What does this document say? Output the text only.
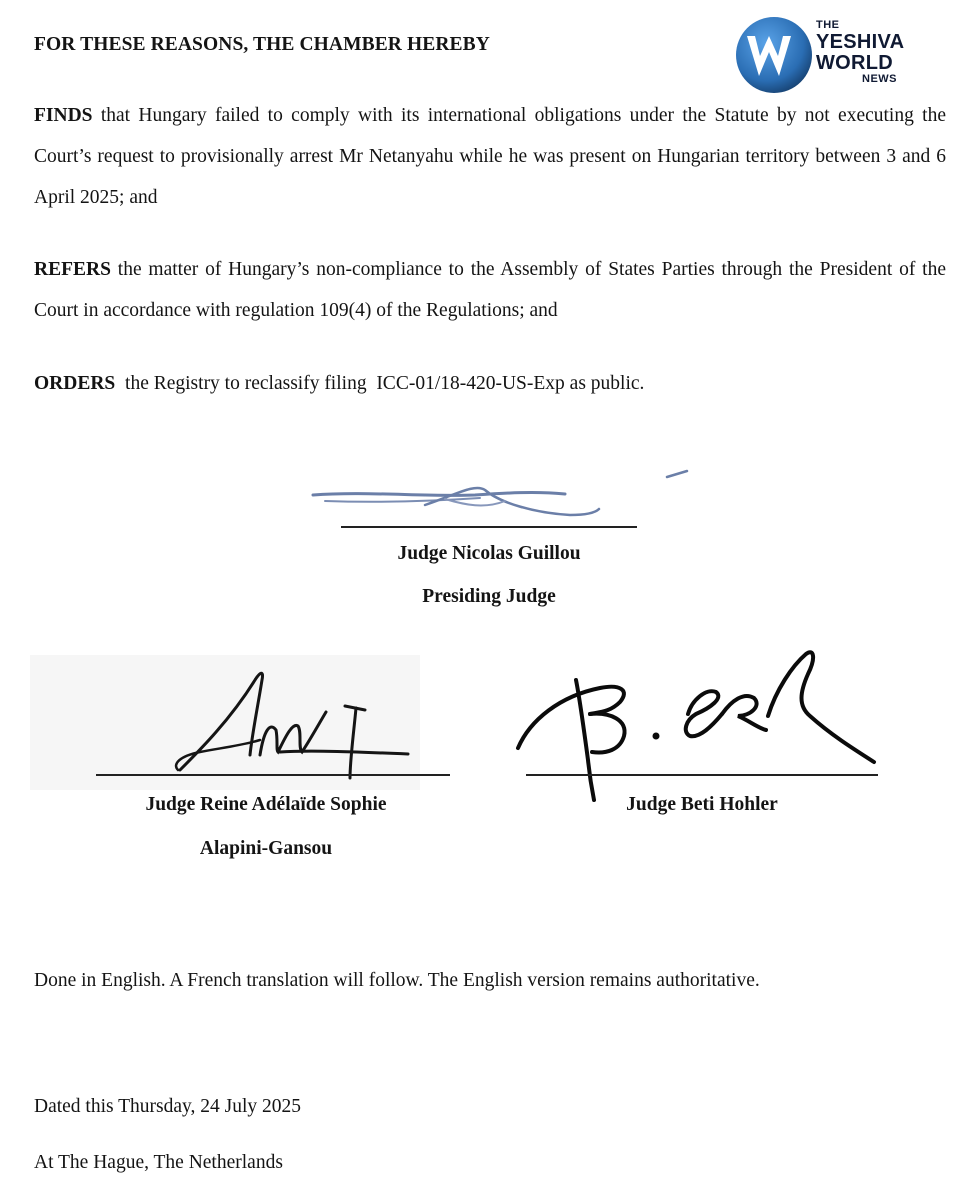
THE
YESHIVA
WORLD
NEWS
FOR THESE REASONS, THE CHAMBER HEREBY
FINDS that Hungary failed to comply with its international obligations under the Statute by not executing the Court’s request to provisionally arrest Mr Netanyahu while he was present on Hungarian territory between 3 and 6 April 2025; and
REFERS the matter of Hungary’s non-compliance to the Assembly of States Parties through the President of the Court in accordance with regulation 109(4) of the Regulations; and
ORDERS  the Registry to reclassify filing  ICC-01/18-420-US-Exp as public.
Judge Nicolas Guillou
Presiding Judge
Judge Reine Adélaïde Sophie
Alapini-Gansou
Judge Beti Hohler
Done in English. A French translation will follow. The English version remains authoritative.
Dated this Thursday, 24 July 2025
At The Hague, The Netherlands
